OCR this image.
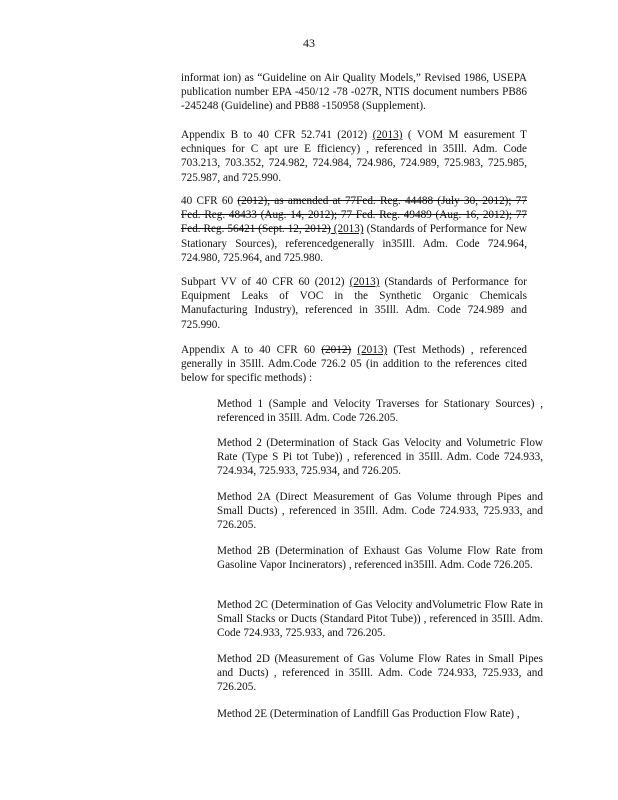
43

informat ion) as “Guideline on Air Quality Models,” Revised 1986, USEPA publication number EPA -450/12 -78 -027R, NTIS document numbers PB86 -245248 (Guideline) and PB88 -150958 (Supplement).

Appendix B to 40 CFR 52.741 (2012) (2013) ( VOM M easurement T echniques for C apt ure E fficiency) , referenced in 35Ill. Adm. Code 703.213, 703.352, 724.982, 724.984, 724.986, 724.989, 725.983, 725.985, 725.987, and 725.990.

40 CFR 60 (2012), as amended at 77Fed. Reg. 44488 (July 30, 2012); 77 Fed. Reg. 48433 (Aug. 14, 2012); 77 Fed. Reg. 49489 (Aug. 16, 2012); 77 Fed. Reg. 56421 (Sept. 12, 2012) (2013) (Standards of Performance for New Stationary Sources), referencedgenerally in35Ill. Adm. Code 724.964, 724.980, 725.964, and 725.980.

Subpart VV of 40 CFR 60 (2012) (2013) (Standards of Performance for Equipment Leaks of VOC in the Synthetic Organic Chemicals Manufacturing Industry), referenced in 35Ill. Adm. Code 724.989 and 725.990.

Appendix A to 40 CFR 60 (2012) (2013) (Test Methods) , referenced generally in 35Ill. Adm.Code 726.2 05 (in addition to the references cited below for specific methods) :

Method 1 (Sample and Velocity Traverses for Stationary Sources) , referenced in 35Ill. Adm. Code 726.205.

Method 2 (Determination of Stack Gas Velocity and Volumetric Flow Rate (Type S Pi tot Tube)) , referenced in 35Ill. Adm. Code 724.933, 724.934, 725.933, 725.934, and 726.205.

Method 2A (Direct Measurement of Gas Volume through Pipes and Small Ducts) , referenced in 35Ill. Adm. Code 724.933, 725.933, and 726.205.

Method 2B (Determination of Exhaust Gas Volume Flow Rate from Gasoline Vapor Incinerators) , referenced in35Ill. Adm. Code 726.205.

Method 2C (Determination of Gas Velocity andVolumetric Flow Rate in Small Stacks or Ducts (Standard Pitot Tube)) , referenced in 35Ill. Adm. Code 724.933, 725.933, and 726.205.

Method 2D (Measurement of Gas Volume Flow Rates in Small Pipes and Ducts) , referenced in 35Ill. Adm. Code 724.933, 725.933, and 726.205.

Method 2E (Determination of Landfill Gas Production Flow Rate) ,
